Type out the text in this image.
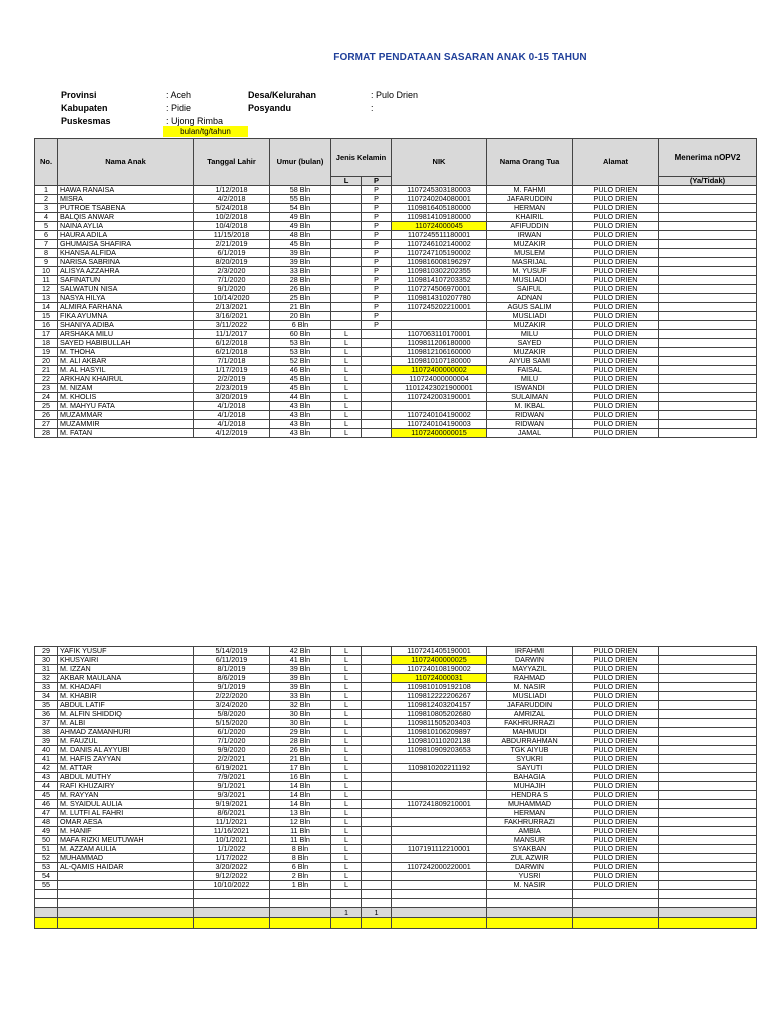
FORMAT PENDATAAN SASARAN ANAK 0-15 TAHUN
Provinsi	: Aceh
Kabupaten	: Pidie
Puskesmas	: Ujong Rimba
Desa/Kelurahan	: Pulo Drien
Posyandu	:
bulan/tg/tahun
No.	Nama Anak	Tanggal Lahir	Umur (bulan)	Jenis Kelamin		NIK	Nama Orang Tua	Alamat	Menerima nOPV2
				L	P				(Ya/Tidak)
1	HAWA RANAISA	1/12/2018	58 Bln		P	1107245303180003	M. FAHMI	PULO DRIEN	
2	MISRA	4/2/2018	55 Bln		P	1107240204080001	JAFARUDDIN	PULO DRIEN	
3	PUTROE TSABENA	5/24/2018	54 Bln		P	1109816405180000	HERMAN	PULO DRIEN	
4	BALQIS ANWAR	10/2/2018	49 Bln		P	1109814109180000	KHAIRIL	PULO DRIEN	
5	NAINA AYLIA	10/4/2018	49 Bln		P	110724000045	AFIFUDDIN	PULO DRIEN	
6	HAURA ADILA	11/15/2018	48 Bln		P	1107245511180001	IRWAN	PULO DRIEN	
7	GHUMAISA SHAFIRA	2/21/2019	45 Bln		P	1107246102140002	MUZAKIR	PULO DRIEN	
8	KHANSA ALFIDA	6/1/2019	39 Bln		P	1107247105190002	MUSLEM	PULO DRIEN	
9	NARISA SABRINA	8/20/2019	39 Bln		P	1109816008196297	MASRIJAL	PULO DRIEN	
10	ALISYA AZZAHRA	2/3/2020	33 Bln		P	1109810302202355	M. YUSUF	PULO DRIEN	
11	SAFINATUN	7/1/2020	28 Bln		P	1109814107203352	MUSLIADI	PULO DRIEN	
12	SALWATUN NISA	9/1/2020	26 Bln		P	1107274506970001	SAIFUL	PULO DRIEN	
13	NASYA HILYA	10/14/2020	25 Bln		P	1109814310207780	ADNAN	PULO DRIEN	
14	ALMIRA FARHANA	2/13/2021	21 Bln		P	1107245202210001	AGUS SALIM	PULO DRIEN	
15	FIKA AYUMNA	3/16/2021	20 Bln		P		MUSLIADI	PULO DRIEN	
16	SHANIYA ADIBA	3/11/2022	6 Bln		P		MUZAKIR	PULO DRIEN	
17	ARSHAKA MILU	11/1/2017	60 Bln	L		1107063110170001	MILU	PULO DRIEN	
18	SAYED HABIBULLAH	6/12/2018	53 Bln	L		1109811206180000	SAYED	PULO DRIEN	
19	M. THOHA	6/21/2018	53 Bln	L		1109812106160000	MUZAKIR	PULO DRIEN	
20	M. ALI AKBAR	7/1/2018	52 Bln	L		1109810107180000	AIYUB SAMI	PULO DRIEN	
21	M. AL HASYIL	1/17/2019	46 Bln	L		11072400000002	FAISAL	PULO DRIEN	
22	ARKHAN KHAIRUL	2/2/2019	45 Bln	L		110724000000004	MILU	PULO DRIEN	
23	M. NIZAM	2/23/2019	45 Bln	L		11012423021900001	ISWANDI	PULO DRIEN	
24	M. KHOLIS	3/20/2019	44 Bln	L		1107242003190001	SULAIMAN	PULO DRIEN	
25	M. MAHYU FATA	4/1/2018	43 Bln	L			M. IKBAL	PULO DRIEN	
26	MUZAMMAR	4/1/2018	43 Bln	L		1107240104190002	RIDWAN	PULO DRIEN	
27	MUZAMMIR	4/1/2018	43 Bln	L		1107240104190003	RIDWAN	PULO DRIEN	
28	M. FATAN	4/12/2019	43 Bln	L		11072400000015	JAMAL	PULO DRIEN	
29	YAFIK YUSUF	5/14/2019	42 Bln	L		1107241405190001	IRFAHMI	PULO DRIEN	
30	KHUSYAIRI	6/11/2019	41 Bln	L		11072400000025	DARWIN	PULO DRIEN	
31	M. IZZAN	8/1/2019	39 Bln	L		1107240108190002	MAYYAZIL	PULO DRIEN	
32	AKBAR MAULANA	8/6/2019	39 Bln	L		110724000031	RAHMAD	PULO DRIEN	
33	M. KHADAFI	9/1/2019	39 Bln	L		1109810109192108	M. NASIR	PULO DRIEN	
34	M. KHABIR	2/22/2020	33 Bln	L		1109812222206267	MUSLIADI	PULO DRIEN	
35	ABDUL LATIF	3/24/2020	32 Bln	L		1109812403204157	JAFARUDDIN	PULO DRIEN	
36	M. ALFIN SHIDDIQ	5/8/2020	30 Bln	L		1109810805202680	AMRIZAL	PULO DRIEN	
37	M. ALBI	5/15/2020	30 Bln	L		1109811505203403	FAKHRURRAZI	PULO DRIEN	
38	AHMAD ZAMANHURI	6/1/2020	29 Bln	L		1109810106209897	MAHMUDI	PULO DRIEN	
39	M. FAUZUL	7/1/2020	28 Bln	L		1109810110202138	ABDURRAHMAN	PULO DRIEN	
40	M. DANIS AL AYYUBI	9/9/2020	26 Bln	L		1109810909203653	TGK AIYUB	PULO DRIEN	
41	M. HAFIS ZAYYAN	2/2/2021	21 Bln	L			SYUKRI	PULO DRIEN	
42	M. ATTAR	6/19/2021	17 Bln	L		1109810202211192	SAYUTI	PULO DRIEN	
43	ABDUL MUTHY	7/9/2021	16 Bln	L			BAHAGIA	PULO DRIEN	
44	RAFI KHUZAIRY	9/1/2021	14 Bln	L			MUHAJIH	PULO DRIEN	
45	M. RAYYAN	9/3/2021	14 Bln	L			HENDRA S	PULO DRIEN	
46	M. SYAIDUL AULIA	9/19/2021	14 Bln	L		1107241809210001	MUHAMMAD	PULO DRIEN	
47	M. LUTFI AL FAHRI	8/6/2021	13 Bln	L			HERMAN	PULO DRIEN	
48	OMAR AESA	11/1/2021	12 Bln	L			FAKHRURRAZI	PULO DRIEN	
49	M. HANIF	11/16/2021	11 Bln	L			AMBIA	PULO DRIEN	
50	MAFA RIZKI MEUTUWAH	10/1/2021	11 Bln	L			MANSUR	PULO DRIEN	
51	M. AZZAM AULIA	1/1/2022	8 Bln	L		1107191112210001	SYAKBAN	PULO DRIEN	
52	MUHAMMAD	1/17/2022	8 Bln	L			ZUL AZWIR	PULO DRIEN	
53	AL-QAMIS HAIDAR	3/20/2022	6 Bln	L		1107242000220001	DARWIN	PULO DRIEN	
54		9/12/2022	2 Bln	L			YUSRI	PULO DRIEN	
55		10/10/2022	1 Bln	L			M. NASIR	PULO DRIEN	

				1	1				
